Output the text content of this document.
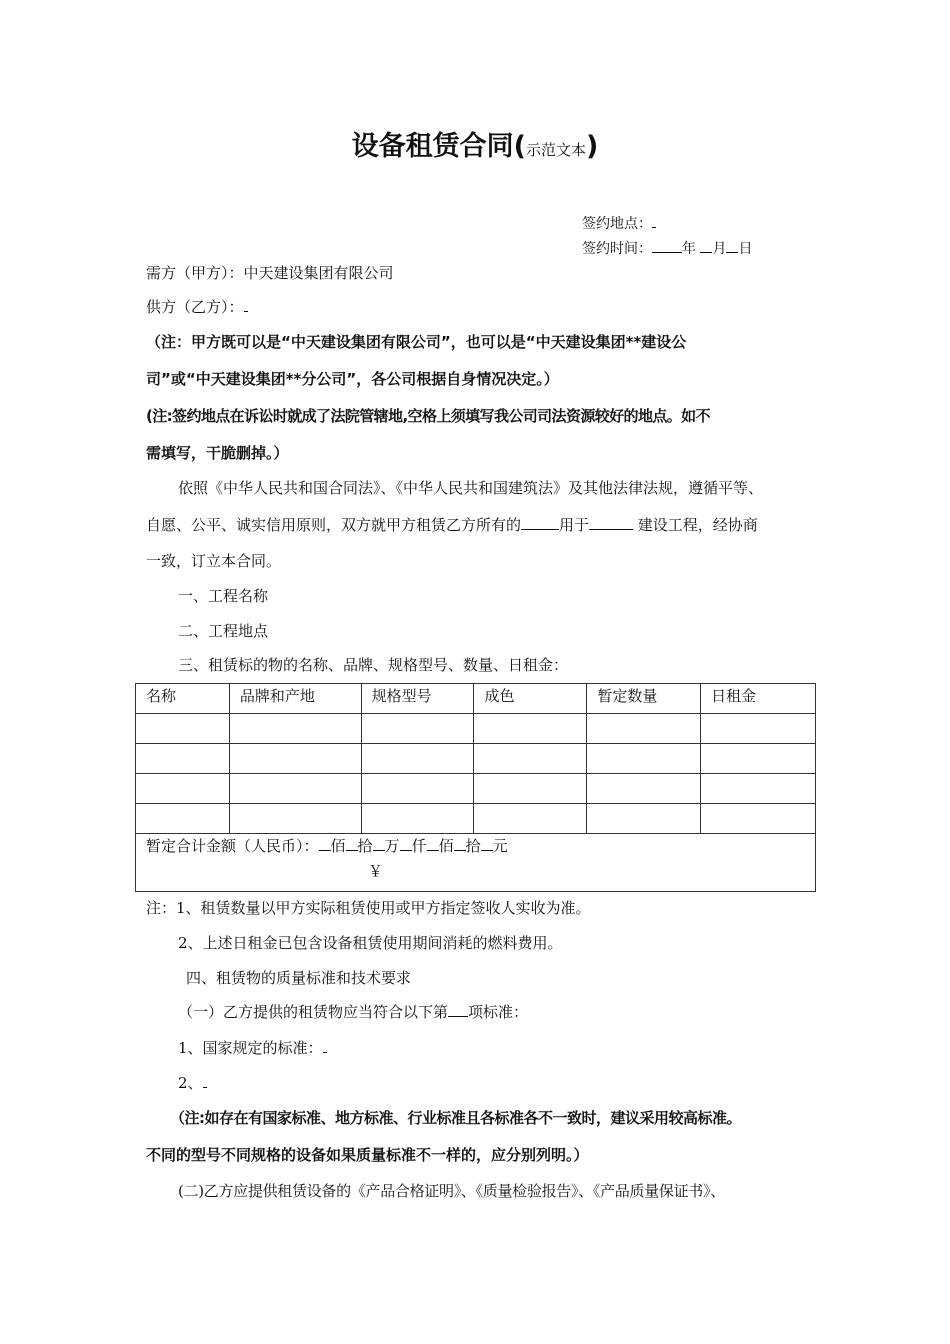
设备租赁合同(示范文本)
签约地点：
签约时间： 年 月 日
需方（甲方）：中天建设集团有限公司
供方（乙方）：
（注：甲方既可以是“中天建设集团有限公司”，也可以是“中天建设集团**建设公
司”或“中天建设集团**分公司”，各公司根据自身情况决定。）
(注:签约地点在诉讼时就成了法院管辖地,空格上须填写我公司司法资源较好的地点。如不
需填写，干脆删掉。）
依照《中华人民共和国合同法》、《中华人民共和国建筑法》及其他法律法规，遵循平等、
自愿、公平、诚实信用原则，双方就甲方租赁乙方所有的	用于	建设工程，经协商
一致，订立本合同。
一、工程名称
二、工程地点
三、租赁标的物的名称、品牌、规格型号、数量、日租金：
名称	品牌和产地	规格型号	成色	暂定数量	日租金

暂定合计金额（人民币）： 佰 拾 万 仟 佰 拾 元
￥					
注：1、租赁数量以甲方实际租赁使用或甲方指定签收人实收为准。
2、上述日租金已包含设备租赁使用期间消耗的燃料费用。
四、租赁物的质量标准和技术要求
（一）乙方提供的租赁物应当符合以下第 项标准：
1、国家规定的标准：
2、
（注:如存在有国家标准、地方标准、行业标准且各标准各不一致时，建议采用较高标准。
不同的型号不同规格的设备如果质量标准不一样的，应分别列明。）
(二)乙方应提供租赁设备的《产品合格证明》、《质量检验报告》、《产品质量保证书》、
